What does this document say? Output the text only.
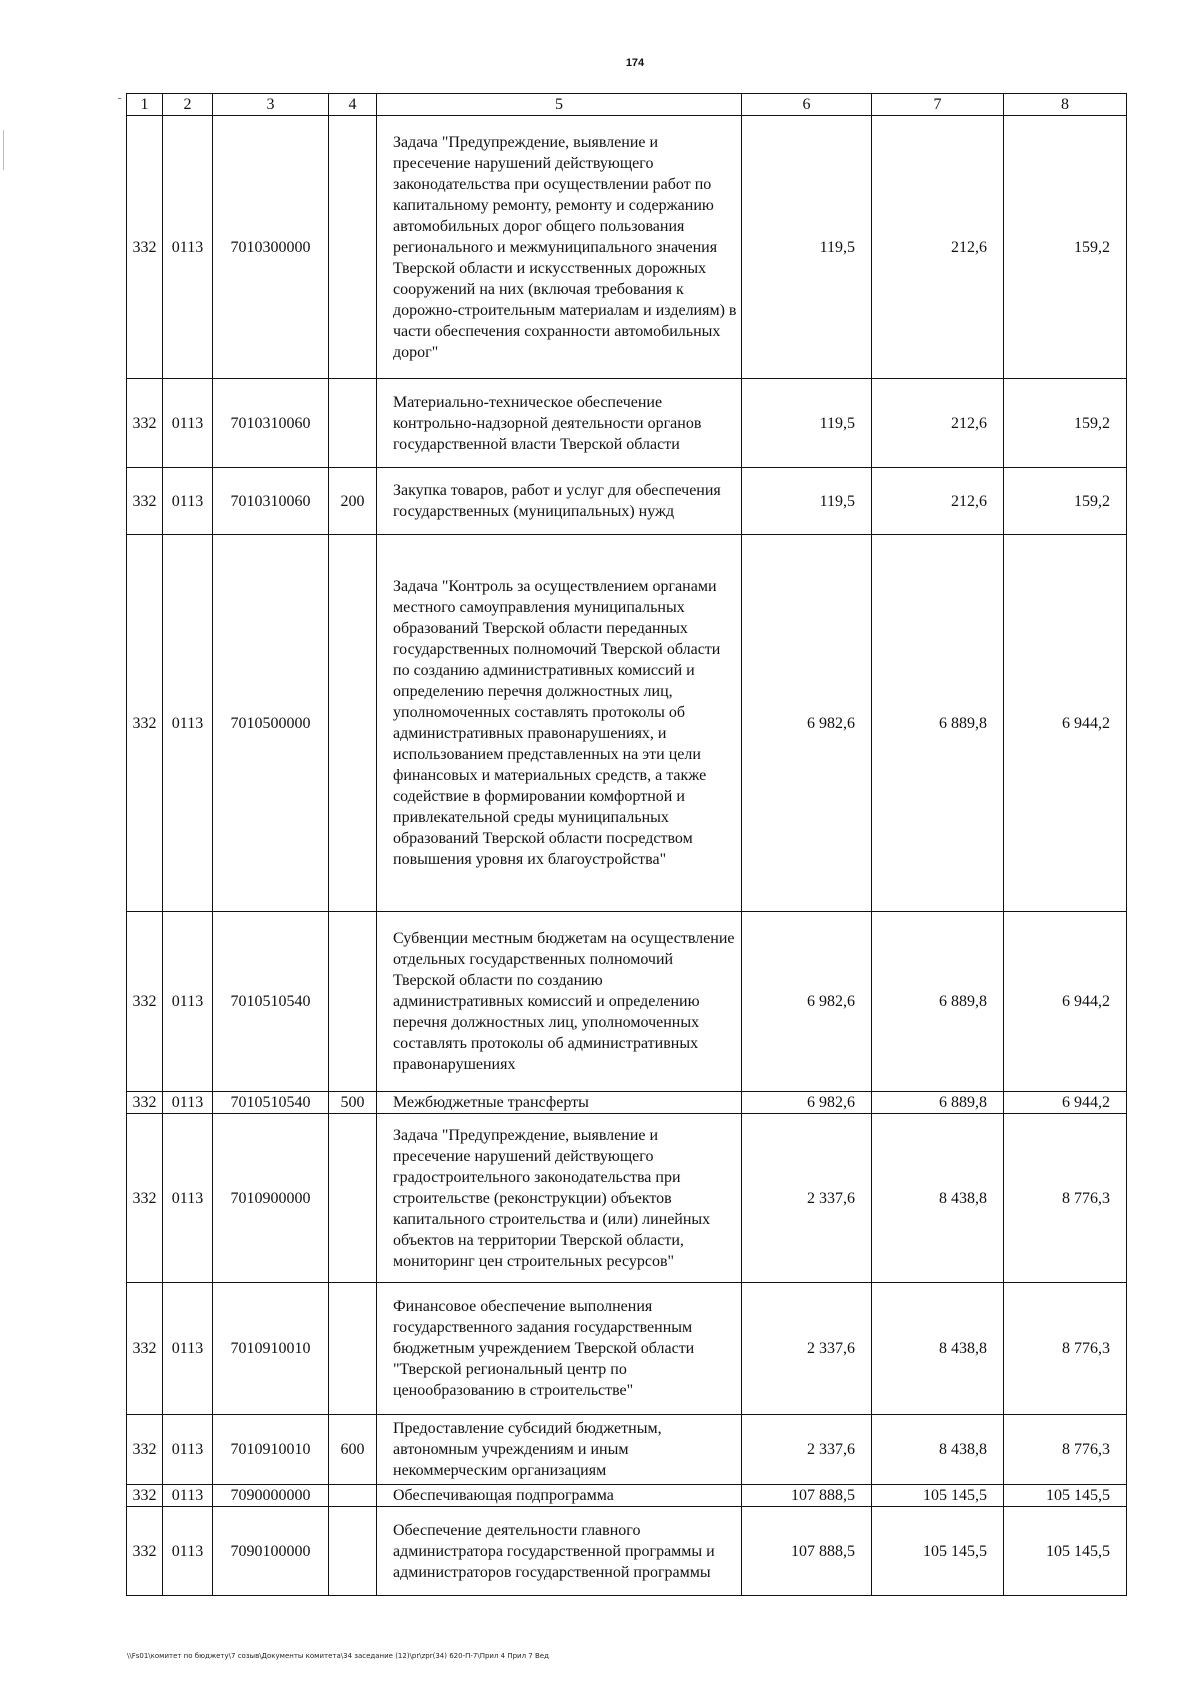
174
1	2	3	4	5	6	7	8
332	0113	7010300000		Задача "Предупреждение, выявление и пресечение нарушений действующего законодательства при осуществлении работ по капитальному ремонту, ремонту и содержанию автомобильных дорог общего пользования регионального и межмуниципального значения Тверской области и искусственных дорожных сооружений на них (включая требования к дорожно-строительным материалам и изделиям) в части обеспечения сохранности автомобильных дорог"	119,5	212,6	159,2
332	0113	7010310060		Материально-техническое обеспечение контрольно-надзорной деятельности органов государственной власти Тверской области	119,5	212,6	159,2
332	0113	7010310060	200	Закупка товаров, работ и услуг для обеспечения государственных (муниципальных) нужд	119,5	212,6	159,2
332	0113	7010500000		Задача "Контроль за осуществлением органами местного самоуправления муниципальных образований Тверской области переданных государственных полномочий Тверской области по созданию административных комиссий и определению перечня должностных лиц, уполномоченных составлять протоколы об административных правонарушениях, и использованием представленных на эти цели финансовых и материальных средств, а также содействие в формировании комфортной и привлекательной среды муниципальных образований Тверской области посредством повышения уровня их благоустройства"	6 982,6	6 889,8	6 944,2
332	0113	7010510540		Субвенции местным бюджетам на осуществление отдельных государственных полномочий Тверской области по созданию административных комиссий и определению перечня должностных лиц, уполномоченных составлять протоколы об административных правонарушениях	6 982,6	6 889,8	6 944,2
332	0113	7010510540	500	Межбюджетные трансферты	6 982,6	6 889,8	6 944,2
332	0113	7010900000		Задача "Предупреждение, выявление и пресечение нарушений действующего градостроительного законодательства при строительстве (реконструкции) объектов капитального строительства и (или) линейных объектов на территории Тверской области, мониторинг цен строительных ресурсов"	2 337,6	8 438,8	8 776,3
332	0113	7010910010		Финансовое обеспечение выполнения государственного задания государственным бюджетным учреждением Тверской области "Тверской региональный центр по ценообразованию в строительстве"	2 337,6	8 438,8	8 776,3
332	0113	7010910010	600	Предоставление субсидий бюджетным, автономным учреждениям и иным некоммерческим организациям	2 337,6	8 438,8	8 776,3
332	0113	7090000000		Обеспечивающая подпрограмма	107 888,5	105 145,5	105 145,5
332	0113	7090100000		Обеспечение деятельности главного администратора государственной программы и администраторов государственной программы	107 888,5	105 145,5	105 145,5
\\Fs01\комитет по бюджету\7 созыв\Документы комитета\34 заседание (12)\pr\zpr(34) 620-П-7\Прил 4 Прил 7 Вед
